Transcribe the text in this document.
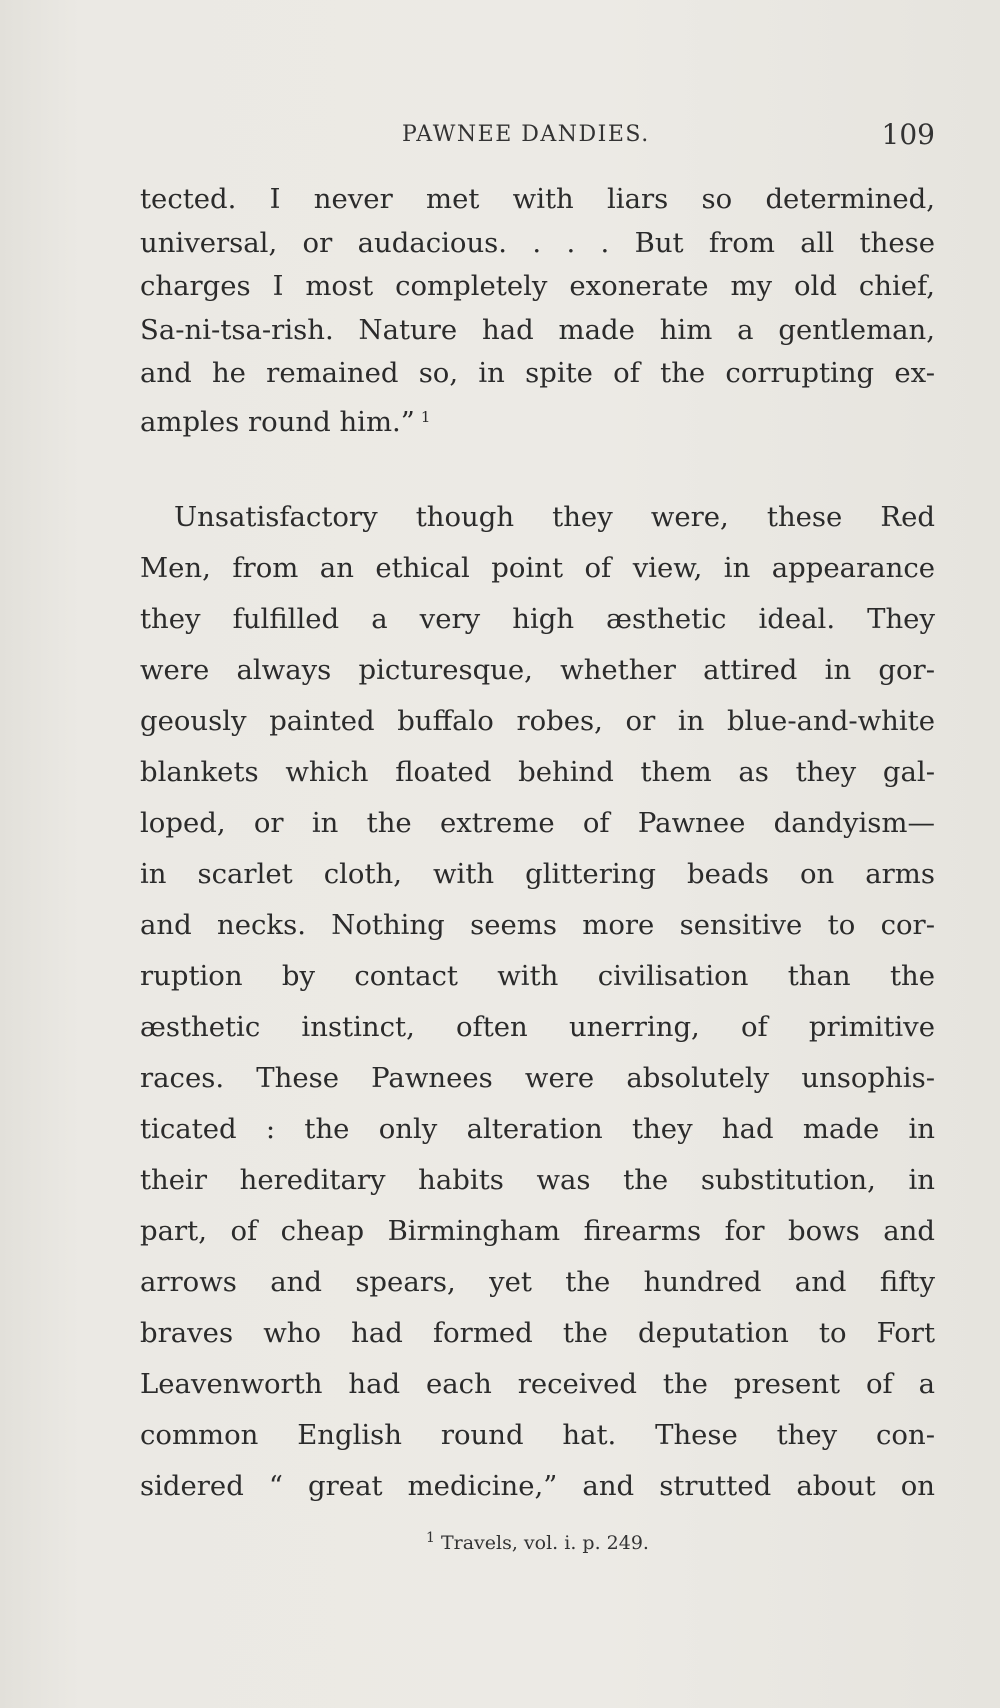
PAWNEE DANDIES.	109
tected. I never met with liars so determined,
universal, or audacious. . . . But from all these
charges I most completely exonerate my old chief,
Sa-ni-tsa-rish. Nature had made him a gentleman,
and he remained so, in spite of the corrupting ex-
amples round him.” $^1$
Unsatisfactory though they were, these Red
Men, from an ethical point of view, in appearance
they fulfilled a very high æsthetic ideal. They
were always picturesque, whether attired in gor-
geously painted buffalo robes, or in blue-and-white
blankets which floated behind them as they gal-
loped, or in the extreme of Pawnee dandyism—
in scarlet cloth, with glittering beads on arms
and necks. Nothing seems more sensitive to cor-
ruption by contact with civilisation than the
æsthetic instinct, often unerring, of primitive
races. These Pawnees were absolutely unsophis-
ticated : the only alteration they had made in
their hereditary habits was the substitution, in
part, of cheap Birmingham firearms for bows and
arrows and spears, yet the hundred and fifty
braves who had formed the deputation to Fort
Leavenworth had each received the present of a
common English round hat. These they con-
sidered “ great medicine,” and strutted about on
$^1$ Travels, vol. i. p. 249.
